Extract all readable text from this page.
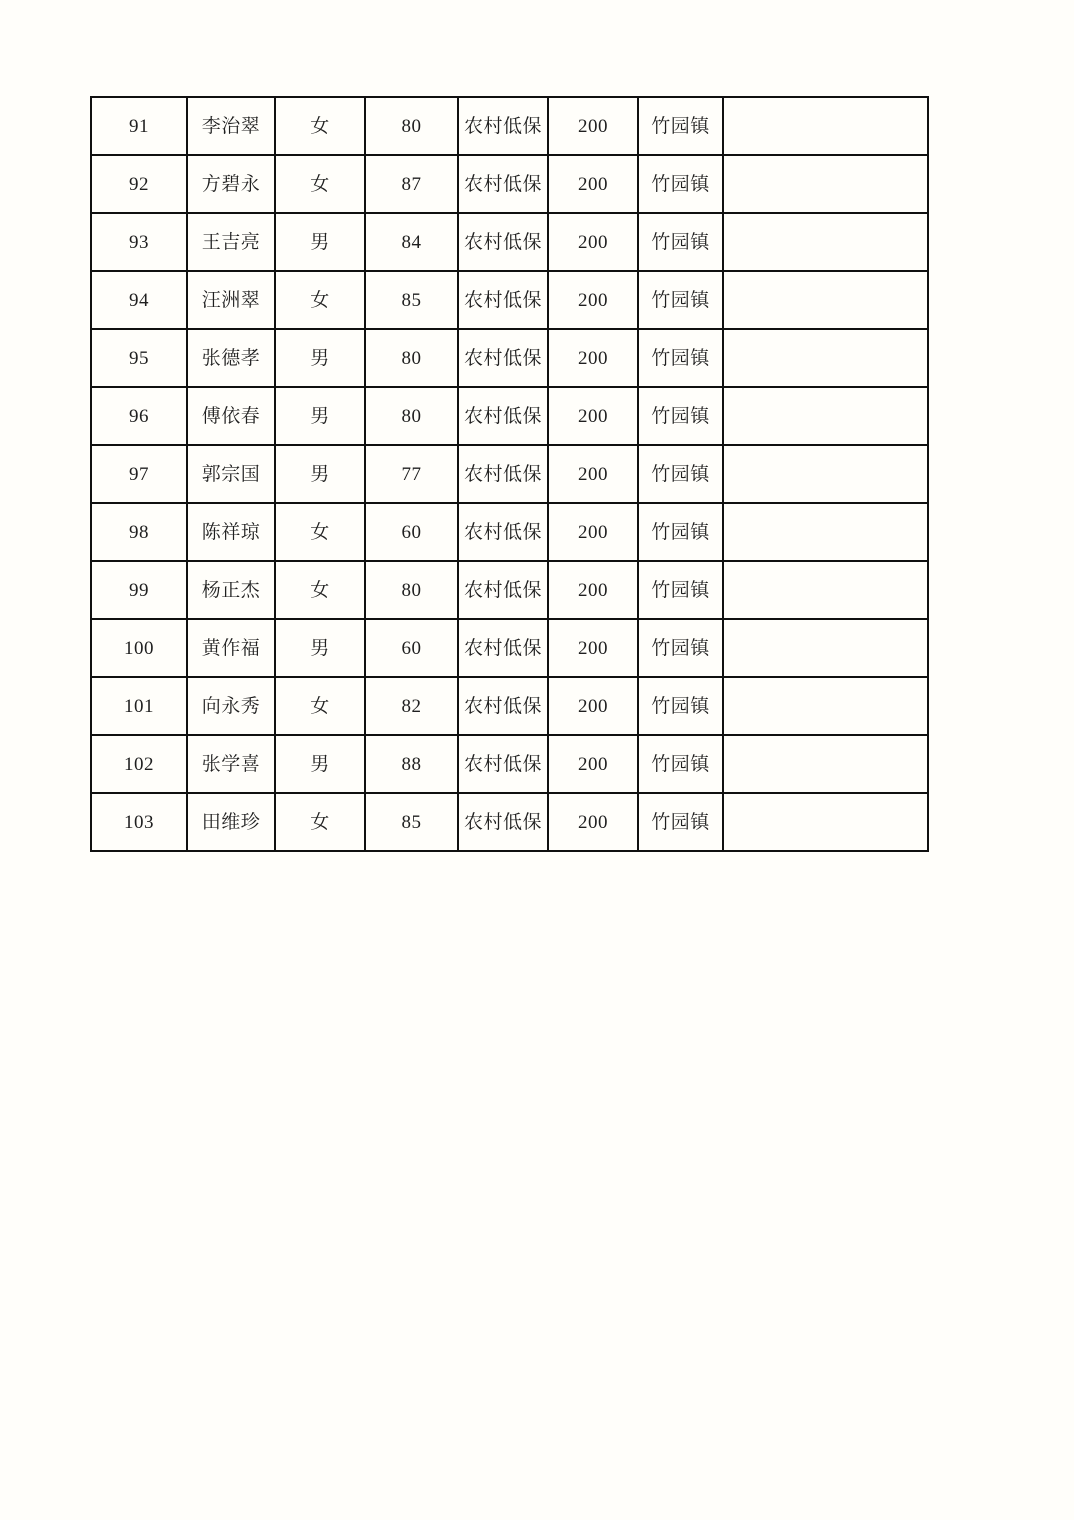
91	李治翠	女	80	农村低保	200	竹园镇	
92	方碧永	女	87	农村低保	200	竹园镇	
93	王吉亮	男	84	农村低保	200	竹园镇	
94	汪洲翠	女	85	农村低保	200	竹园镇	
95	张德孝	男	80	农村低保	200	竹园镇	
96	傅依春	男	80	农村低保	200	竹园镇	
97	郭宗国	男	77	农村低保	200	竹园镇	
98	陈祥琼	女	60	农村低保	200	竹园镇	
99	杨正杰	女	80	农村低保	200	竹园镇	
100	黄作福	男	60	农村低保	200	竹园镇	
101	向永秀	女	82	农村低保	200	竹园镇	
102	张学喜	男	88	农村低保	200	竹园镇	
103	田维珍	女	85	农村低保	200	竹园镇	
